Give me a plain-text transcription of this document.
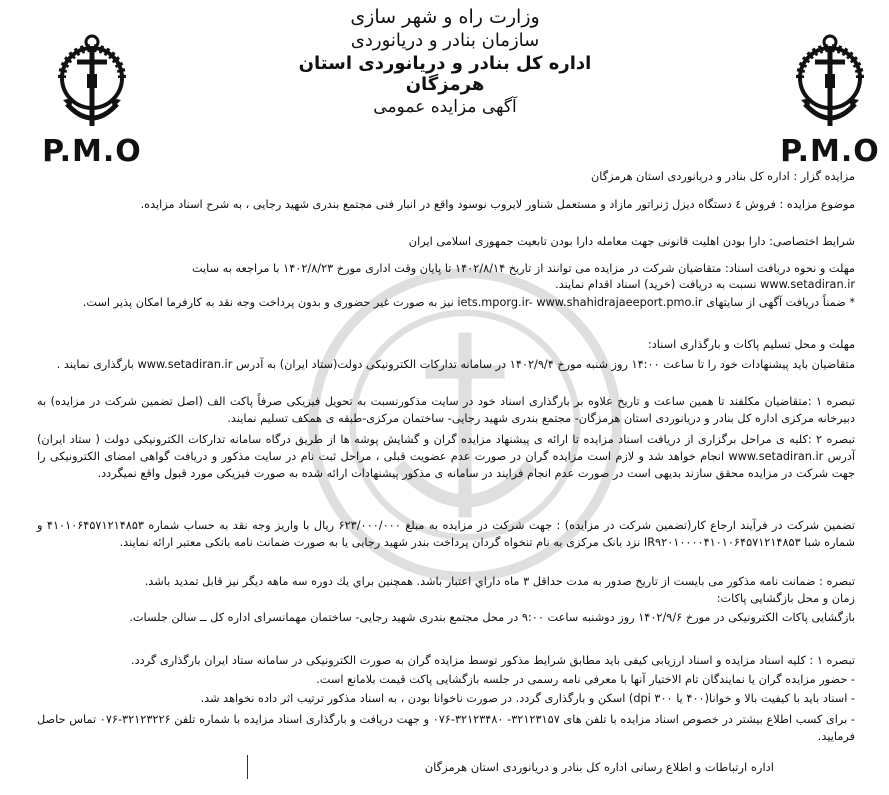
P.M.O	P.M.O
وزارت راه و شهر سازی
سازمان بنادر و دریانوردی
اداره کل بنادر و دریانوردی استان
هرمزگان
آگهی مزایده عمومی
مزایده گزار : اداره کل بنادر و دریانوردی استان هرمزگان
موضوع مزایده : فروش ٤ دستگاه دیزل ژنراتور مازاد و مستعمل شناور لایروب نوسود واقع در انبار فنی مجتمع بندری شهید رجایی ، به شرح اسناد مزایده.
شرایط اختصاصی: دارا بودن اهلیت قانونی جهت معامله دارا بودن تابعیت جمهوری اسلامی ایران
مهلت و نحوه دریافت اسناد: متقاضیان شرکت در مزایده می توانند از تاریخ ۱۴۰۲/۸/۱۴ تا پایان وقت اداری مورخ ۱۴۰۲/۸/۲۳ با مراجعه به سایت
www.setadiran.ir نسبت به دریافت (خرید) اسناد اقدام نمایند.
* ضمناً دریافت آگهی از سایتهای iets.mporg.ir- www.shahidrajaeeport.pmo.ir نیز به صورت غیر حضوری و بدون پرداخت وجه نقد به کارفرما امکان پذیر است.
مهلت و محل تسلیم پاکات و بارگذاری اسناد:
متقاضیان باید پیشنهادات خود را تا ساعت ۱۴:۰۰ روز شنبه مورخ ۱۴۰۲/۹/۴ در سامانه تدارکات الکترونیکی دولت(ستاد ایران) به آدرس www.setadiran.ir بارگذاری نمایند .
تبصره ۱ :متقاضیان مکلفند تا همین ساعت و تاریخ علاوه بر بارگذاری اسناد خود در سایت مذکورنسبت به تحویل فیزیکی صرفاً پاکت الف (اصل تضمین شرکت در مزایده) به دبیرخانه مرکزی اداره کل بنادر و دریانوردی استان هرمزگان- مجتمع بندری شهید رجایی- ساختمان مرکزی-طبقه ی همکف تسلیم نمایند.
تبصره ۲ :کلیه ی مراحل برگزاری از دریافت اسناد مزایده تا ارائه ی پیشنهاد مزایده گران و گشایش پوشه ها از طریق درگاه سامانه تدارکات الکترونیکی دولت ( ستاد ایران) آدرس www.setadiran.ir انجام خواهد شد و لازم است مزایده گران در صورت عدم عضویت قبلی ، مراحل ثبت نام در سایت مذکور و دریافت گواهی امضای الکترونیکی را جهت شرکت در مزایده محقق سازند بدیهی است در صورت عدم انجام فرایند در سامانه ی مذکور پیشنهادات ارائه شده به صورت فیزیکی مورد قبول واقع نمیگردد.
تضمین شرکت در فرآیند ارجاع کار(تضمین شرکت در مزایده) : جهت شرکت در مزایده به مبلغ ۶۲۳/۰۰۰/۰۰۰ ریال با واریز وجه نقد به حساب شماره ۴۱۰۱۰۶۴۵۷۱۲۱۴۸۵۳ و شماره شبا IR۹۲۰۱۰۰۰۰۴۱۰۱۰۶۴۵۷۱۲۱۴۸۵۳ نزد بانک مرکزی به نام تنخواه گردان پرداخت بندر شهید رجایی یا به صورت ضمانت نامه بانکی معتبر ارائه نمایند.
تبصره : ضمانت نامه مذکور می بایست از تاریخ صدور به مدت حداقل ۳ ماه داراي اعتبار باشد. همچنین براي يك دوره سه ماهه دیگر نیز قابل تمدید باشد.
زمان و محل بازگشایی پاکات:
بازگشایی پاکات الکترونیکی در مورخ ۱۴۰۲/۹/۶ روز دوشنبه ساعت ۹:۰۰ در محل مجتمع بندری شهید رجایی- ساختمان مهمانسرای اداره کل ــ سالن جلسات.
تبصره ۱ : کلیه اسناد مزایده و اسناد ارزیابی کیفی باید مطابق شرایط مذکور توسط مزایده گران به صورت الکترونیکی در سامانه ستاد ایران بارگذاری گردد.
- حضور مزایده گران یا نمایندگان تام الاختیار آنها با معرفی نامه رسمی در جلسه بازگشایی پاکت قیمت بلامانع است.
- اسناد باید با کیفیت بالا و خوانا(۴۰۰ یا ۳۰۰ dpi) اسکن و بارگذاری گردد. در صورت ناخوانا بودن ، به اسناد مذکور ترتیب اثر داده نخواهد شد.
- برای کسب اطلاع بیشتر در خصوص اسناد مزایده با تلفن های ۳۲۱۲۳۱۵۷- ۳۲۱۲۳۴۸۰-۰۷۶ و جهت دریافت و بارگذاری اسناد مزایده با شماره تلفن ۳۲۱۲۳۲۲۶-۰۷۶ تماس حاصل فرمایید.
اداره ارتباطات و اطلاع رسانی اداره کل بنادر و دریانوردی استان هرمزگان
